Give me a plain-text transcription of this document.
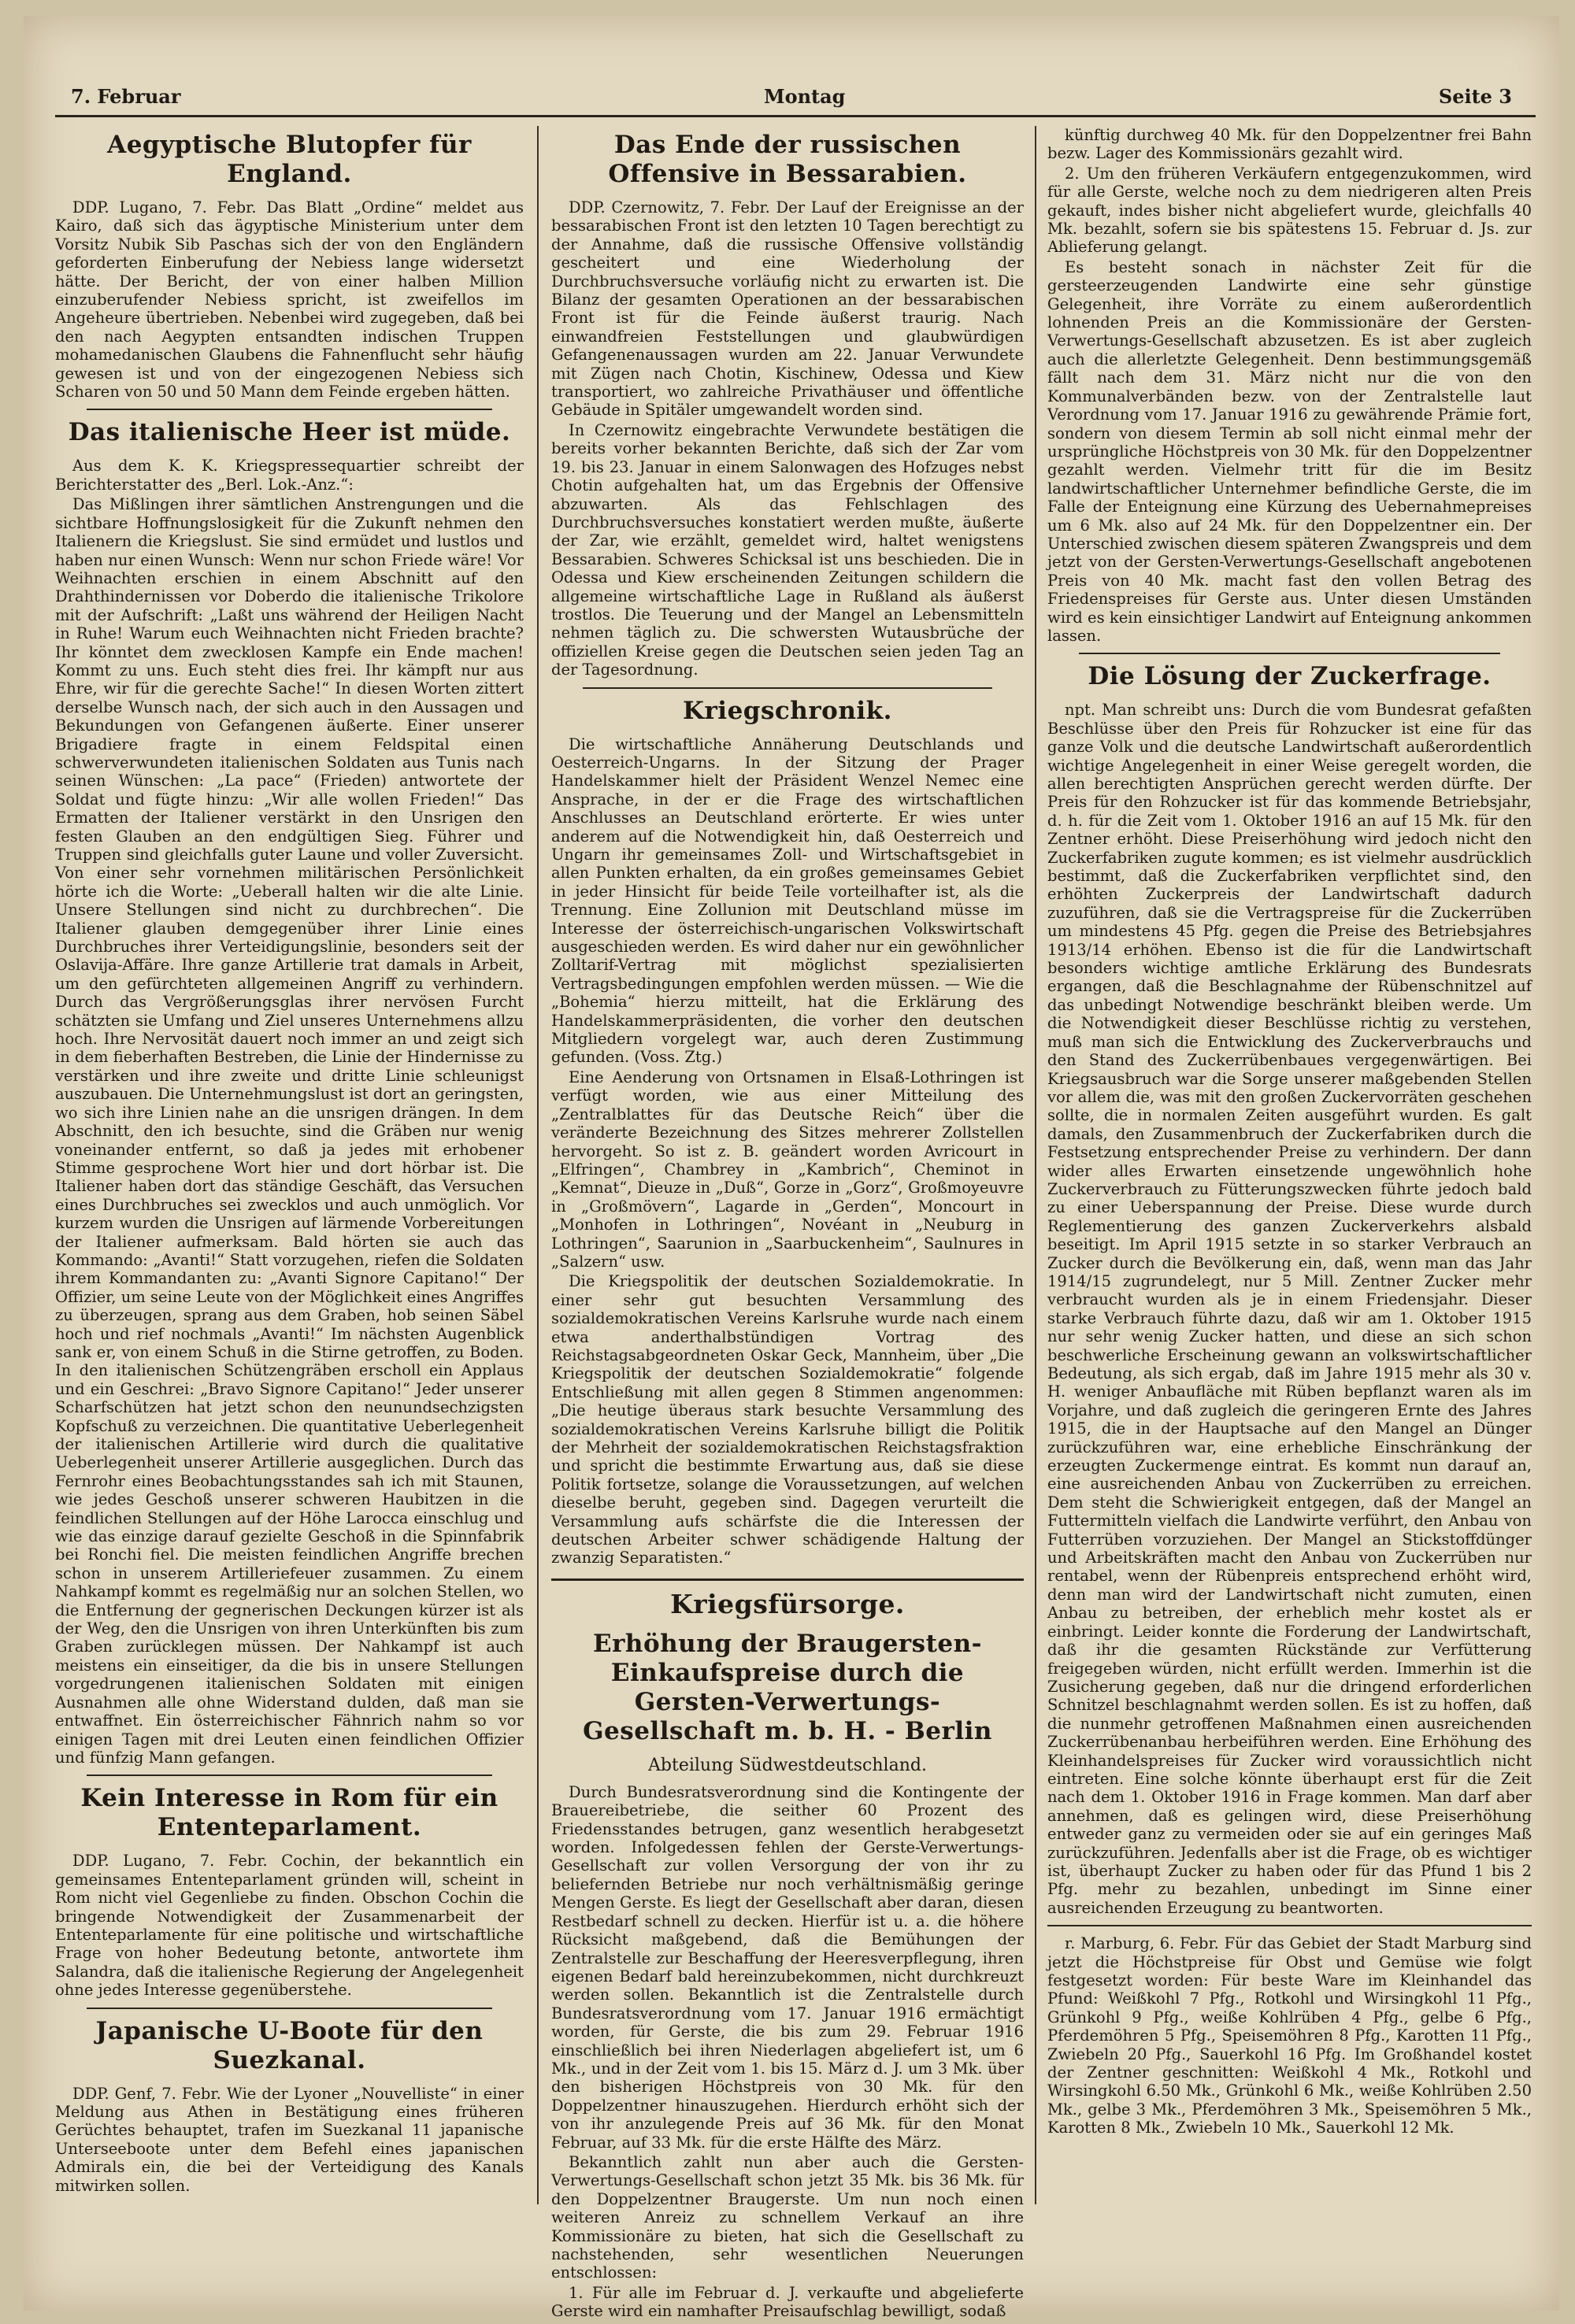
7. Februar	Montag	Seite 3
Aegyptische Blutopfer für England.

DDP. Lugano, 7. Febr. Das Blatt „Ordine“ meldet aus Kairo, daß sich das ägyptische Ministerium unter dem Vorsitz Nubik Sib Paschas sich der von den Engländern geforderten Einberufung der Nebiess lange widersetzt hätte. Der Bericht, der von einer halben Million einzuberufender Nebiess spricht, ist zweifellos im Angeheure übertrieben. Nebenbei wird zugegeben, daß bei den nach Aegypten entsandten indischen Truppen mohamedanischen Glaubens die Fahnenflucht sehr häufig gewesen ist und von der eingezogenen Nebiess sich Scharen von 50 und 50 Mann dem Feinde ergeben hätten.

Das italienische Heer ist müde.

Aus dem K. K. Kriegspressequartier schreibt der Berichterstatter des „Berl. Lok.-Anz.“:

Das Mißlingen ihrer sämtlichen Anstrengungen und die sichtbare Hoffnungslosigkeit für die Zukunft nehmen den Italienern die Kriegslust. Sie sind ermüdet und lustlos und haben nur einen Wunsch: Wenn nur schon Friede wäre! Vor Weihnachten erschien in einem Abschnitt auf den Drahthindernissen vor Doberdo die italienische Trikolore mit der Aufschrift: „Laßt uns während der Heiligen Nacht in Ruhe! Warum euch Weihnachten nicht Frieden brachte? Ihr könntet dem zwecklosen Kampfe ein Ende machen! Kommt zu uns. Euch steht dies frei. Ihr kämpft nur aus Ehre, wir für die gerechte Sache!“ In diesen Worten zittert derselbe Wunsch nach, der sich auch in den Aussagen und Bekundungen von Gefangenen äußerte. Einer unserer Brigadiere fragte in einem Feldspital einen schwerverwundeten italienischen Soldaten aus Tunis nach seinen Wünschen: „La pace“ (Frieden) antwortete der Soldat und fügte hinzu: „Wir alle wollen Frieden!“ Das Ermatten der Italiener verstärkt in den Unsrigen den festen Glauben an den endgültigen Sieg. Führer und Truppen sind gleichfalls guter Laune und voller Zuversicht. Von einer sehr vornehmen militärischen Persönlichkeit hörte ich die Worte: „Ueberall halten wir die alte Linie. Unsere Stellungen sind nicht zu durchbrechen“. Die Italiener glauben demgegenüber ihrer Linie eines Durchbruches ihrer Verteidigungslinie, besonders seit der Oslavija-Affäre. Ihre ganze Artillerie trat damals in Arbeit, um den gefürchteten allgemeinen Angriff zu verhindern. Durch das Vergrößerungsglas ihrer nervösen Furcht schätzten sie Umfang und Ziel unseres Unternehmens allzu hoch. Ihre Nervosität dauert noch immer an und zeigt sich in dem fieberhaften Bestreben, die Linie der Hindernisse zu verstärken und ihre zweite und dritte Linie schleunigst auszubauen. Die Unternehmungslust ist dort an geringsten, wo sich ihre Linien nahe an die unsrigen drängen. In dem Abschnitt, den ich besuchte, sind die Gräben nur wenig voneinander entfernt, so daß ja jedes mit erhobener Stimme gesprochene Wort hier und dort hörbar ist. Die Italiener haben dort das ständige Geschäft, das Versuchen eines Durchbruches sei zwecklos und auch unmöglich. Vor kurzem wurden die Unsrigen auf lärmende Vorbereitungen der Italiener aufmerksam. Bald hörten sie auch das Kommando: „Avanti!“ Statt vorzugehen, riefen die Soldaten ihrem Kommandanten zu: „Avanti Signore Capitano!“ Der Offizier, um seine Leute von der Möglichkeit eines Angriffes zu überzeugen, sprang aus dem Graben, hob seinen Säbel hoch und rief nochmals „Avanti!“ Im nächsten Augenblick sank er, von einem Schuß in die Stirne getroffen, zu Boden. In den italienischen Schützengräben erscholl ein Applaus und ein Geschrei: „Bravo Signore Capitano!“ Jeder unserer Scharfschützen hat jetzt schon den neunundsechzigsten Kopfschuß zu verzeichnen. Die quantitative Ueberlegenheit der italienischen Artillerie wird durch die qualitative Ueberlegenheit unserer Artillerie ausgeglichen. Durch das Fernrohr eines Beobachtungsstandes sah ich mit Staunen, wie jedes Geschoß unserer schweren Haubitzen in die feindlichen Stellungen auf der Höhe Larocca einschlug und wie das einzige darauf gezielte Geschoß in die Spinnfabrik bei Ronchi fiel. Die meisten feindlichen Angriffe brechen schon in unserem Artilleriefeuer zusammen. Zu einem Nahkampf kommt es regelmäßig nur an solchen Stellen, wo die Entfernung der gegnerischen Deckungen kürzer ist als der Weg, den die Unsrigen von ihren Unterkünften bis zum Graben zurücklegen müssen. Der Nahkampf ist auch meistens ein einseitiger, da die bis in unsere Stellungen vorgedrungenen italienischen Soldaten mit einigen Ausnahmen alle ohne Widerstand dulden, daß man sie entwaffnet. Ein österreichischer Fähnrich nahm so vor einigen Tagen mit drei Leuten einen feindlichen Offizier und fünfzig Mann gefangen.

Kein Interesse in Rom für ein Ententeparlament.

DDP. Lugano, 7. Febr. Cochin, der bekanntlich ein gemeinsames Ententeparlament gründen will, scheint in Rom nicht viel Gegenliebe zu finden. Obschon Cochin die bringende Notwendigkeit der Zusammenarbeit der Ententeparlamente für eine politische und wirtschaftliche Frage von hoher Bedeutung betonte, antwortete ihm Salandra, daß die italienische Regierung der Angelegenheit ohne jedes Interesse gegenüberstehe.

Japanische U-Boote für den Suezkanal.

DDP. Genf, 7. Febr. Wie der Lyoner „Nouvelliste“ in einer Meldung aus Athen in Bestätigung eines früheren Gerüchtes behauptet, trafen im Suezkanal 11 japanische Unterseeboote unter dem Befehl eines japanischen Admirals ein, die bei der Verteidigung des Kanals mitwirken sollen.

Das Ende der russischen Offensive in Bessarabien.

DDP. Czernowitz, 7. Febr. Der Lauf der Ereignisse an der bessarabischen Front ist den letzten 10 Tagen berechtigt zu der Annahme, daß die russische Offensive vollständig gescheitert und eine Wiederholung der Durchbruchsversuche vorläufig nicht zu erwarten ist. Die Bilanz der gesamten Operationen an der bessarabischen Front ist für die Feinde äußerst traurig. Nach einwandfreien Feststellungen und glaubwürdigen Gefangenenaussagen wurden am 22. Januar Verwundete mit Zügen nach Chotin, Kischinew, Odessa und Kiew transportiert, wo zahlreiche Privathäuser und öffentliche Gebäude in Spitäler umgewandelt worden sind.

In Czernowitz eingebrachte Verwundete bestätigen die bereits vorher bekannten Berichte, daß sich der Zar vom 19. bis 23. Januar in einem Salonwagen des Hofzuges nebst Chotin aufgehalten hat, um das Ergebnis der Offensive abzuwarten. Als das Fehlschlagen des Durchbruchsversuches konstatiert werden mußte, äußerte der Zar, wie erzählt, gemeldet wird, haltet wenigstens Bessarabien. Schweres Schicksal ist uns beschieden. Die in Odessa und Kiew erscheinenden Zeitungen schildern die allgemeine wirtschaftliche Lage in Rußland als äußerst trostlos. Die Teuerung und der Mangel an Lebensmitteln nehmen täglich zu. Die schwersten Wutausbrüche der offiziellen Kreise gegen die Deutschen seien jeden Tag an der Tagesordnung.

Kriegschronik.

Die wirtschaftliche Annäherung Deutschlands und Oesterreich-Ungarns. In der Sitzung der Prager Handelskammer hielt der Präsident Wenzel Nemec eine Ansprache, in der er die Frage des wirtschaftlichen Anschlusses an Deutschland erörterte. Er wies unter anderem auf die Notwendigkeit hin, daß Oesterreich und Ungarn ihr gemeinsames Zoll- und Wirtschaftsgebiet in allen Punkten erhalten, da ein großes gemeinsames Gebiet in jeder Hinsicht für beide Teile vorteilhafter ist, als die Trennung. Eine Zollunion mit Deutschland müsse im Interesse der österreichisch-ungarischen Volkswirtschaft ausgeschieden werden. Es wird daher nur ein gewöhnlicher Zolltarif-Vertrag mit möglichst spezialisierten Vertragsbedingungen empfohlen werden müssen. — Wie die „Bohemia“ hierzu mitteilt, hat die Erklärung des Handelskammerpräsidenten, die vorher den deutschen Mitgliedern vorgelegt war, auch deren Zustimmung gefunden. (Voss. Ztg.)

Eine Aenderung von Ortsnamen in Elsaß-Lothringen ist verfügt worden, wie aus einer Mitteilung des „Zentralblattes für das Deutsche Reich“ über die veränderte Bezeichnung des Sitzes mehrerer Zollstellen hervorgeht. So ist z. B. geändert worden Avricourt in „Elfringen“, Chambrey in „Kambrich“, Cheminot in „Kemnat“, Dieuze in „Duß“, Gorze in „Gorz“, Großmoyeuvre in „Großmövern“, Lagarde in „Gerden“, Moncourt in „Monhofen in Lothringen“, Novéant in „Neuburg in Lothringen“, Saarunion in „Saarbuckenheim“, Saulnures in „Salzern“ usw.

Die Kriegspolitik der deutschen Sozialdemokratie. In einer sehr gut besuchten Versammlung des sozialdemokratischen Vereins Karlsruhe wurde nach einem etwa anderthalbstündigen Vortrag des Reichstagsabgeordneten Oskar Geck, Mannheim, über „Die Kriegspolitik der deutschen Sozialdemokratie“ folgende Entschließung mit allen gegen 8 Stimmen angenommen: „Die heutige überaus stark besuchte Versammlung des sozialdemokratischen Vereins Karlsruhe billigt die Politik der Mehrheit der sozialdemokratischen Reichstagsfraktion und spricht die bestimmte Erwartung aus, daß sie diese Politik fortsetze, solange die Voraussetzungen, auf welchen dieselbe beruht, gegeben sind. Dagegen verurteilt die Versammlung aufs schärfste die die Interessen der deutschen Arbeiter schwer schädigende Haltung der zwanzig Separatisten.“

Kriegsfürsorge.
Erhöhung der Braugersten-Einkaufspreise durch die Gersten-Verwertungs-Gesellschaft m. b. H. - Berlin
Abteilung Südwestdeutschland.

Durch Bundesratsverordnung sind die Kontingente der Brauereibetriebe, die seither 60 Prozent des Friedensstandes betrugen, ganz wesentlich herabgesetzt worden. Infolgedessen fehlen der Gerste-Verwertungs-Gesellschaft zur vollen Versorgung der von ihr zu beliefernden Betriebe nur noch verhältnismäßig geringe Mengen Gerste. Es liegt der Gesellschaft aber daran, diesen Restbedarf schnell zu decken. Hierfür ist u. a. die höhere Rücksicht maßgebend, daß die Bemühungen der Zentralstelle zur Beschaffung der Heeresverpflegung, ihren eigenen Bedarf bald hereinzubekommen, nicht durchkreuzt werden sollen. Bekanntlich ist die Zentralstelle durch Bundesratsverordnung vom 17. Januar 1916 ermächtigt worden, für Gerste, die bis zum 29. Februar 1916 einschließlich bei ihren Niederlagen abgeliefert ist, um 6 Mk., und in der Zeit vom 1. bis 15. März d. J. um 3 Mk. über den bisherigen Höchstpreis von 30 Mk. für den Doppelzentner hinauszugehen. Hierdurch erhöht sich der von ihr anzulegende Preis auf 36 Mk. für den Monat Februar, auf 33 Mk. für die erste Hälfte des März.

Bekanntlich zahlt nun aber auch die Gersten-Verwertungs-Gesellschaft schon jetzt 35 Mk. bis 36 Mk. für den Doppelzentner Braugerste. Um nun noch einen weiteren Anreiz zu schnellem Verkauf an ihre Kommissionäre zu bieten, hat sich die Gesellschaft zu nachstehenden, sehr wesentlichen Neuerungen entschlossen:

1. Für alle im Februar d. J. verkaufte und abgelieferte Gerste wird ein namhafter Preisaufschlag bewilligt, sodaß

künftig durchweg 40 Mk. für den Doppelzentner frei Bahn bezw. Lager des Kommissionärs gezahlt wird.

2. Um den früheren Verkäufern entgegenzukommen, wird für alle Gerste, welche noch zu dem niedrigeren alten Preis gekauft, indes bisher nicht abgeliefert wurde, gleichfalls 40 Mk. bezahlt, sofern sie bis spätestens 15. Februar d. Js. zur Ablieferung gelangt.

Es besteht sonach in nächster Zeit für die gersteerzeugenden Landwirte eine sehr günstige Gelegenheit, ihre Vorräte zu einem außerordentlich lohnenden Preis an die Kommissionäre der Gersten-Verwertungs-Gesellschaft abzusetzen. Es ist aber zugleich auch die allerletzte Gelegenheit. Denn bestimmungsgemäß fällt nach dem 31. März nicht nur die von den Kommunalverbänden bezw. von der Zentralstelle laut Verordnung vom 17. Januar 1916 zu gewährende Prämie fort, sondern von diesem Termin ab soll nicht einmal mehr der ursprüngliche Höchstpreis von 30 Mk. für den Doppelzentner gezahlt werden. Vielmehr tritt für die im Besitz landwirtschaftlicher Unternehmer befindliche Gerste, die im Falle der Enteignung eine Kürzung des Uebernahmepreises um 6 Mk. also auf 24 Mk. für den Doppelzentner ein. Der Unterschied zwischen diesem späteren Zwangspreis und dem jetzt von der Gersten-Verwertungs-Gesellschaft angebotenen Preis von 40 Mk. macht fast den vollen Betrag des Friedenspreises für Gerste aus. Unter diesen Umständen wird es kein einsichtiger Landwirt auf Enteignung ankommen lassen.

Die Lösung der Zuckerfrage.

npt. Man schreibt uns: Durch die vom Bundesrat gefaßten Beschlüsse über den Preis für Rohzucker ist eine für das ganze Volk und die deutsche Landwirtschaft außerordentlich wichtige Angelegenheit in einer Weise geregelt worden, die allen berechtigten Ansprüchen gerecht werden dürfte. Der Preis für den Rohzucker ist für das kommende Betriebsjahr, d. h. für die Zeit vom 1. Oktober 1916 an auf 15 Mk. für den Zentner erhöht. Diese Preiserhöhung wird jedoch nicht den Zuckerfabriken zugute kommen; es ist vielmehr ausdrücklich bestimmt, daß die Zuckerfabriken verpflichtet sind, den erhöhten Zuckerpreis der Landwirtschaft dadurch zuzuführen, daß sie die Vertragspreise für die Zuckerrüben um mindestens 45 Pfg. gegen die Preise des Betriebsjahres 1913/14 erhöhen. Ebenso ist die für die Landwirtschaft besonders wichtige amtliche Erklärung des Bundesrats ergangen, daß die Beschlagnahme der Rübenschnitzel auf das unbedingt Notwendige beschränkt bleiben werde. Um die Notwendigkeit dieser Beschlüsse richtig zu verstehen, muß man sich die Entwicklung des Zuckerverbrauchs und den Stand des Zuckerrübenbaues vergegenwärtigen. Bei Kriegsausbruch war die Sorge unserer maßgebenden Stellen vor allem die, was mit den großen Zuckervorräten geschehen sollte, die in normalen Zeiten ausgeführt wurden. Es galt damals, den Zusammenbruch der Zuckerfabriken durch die Festsetzung entsprechender Preise zu verhindern. Der dann wider alles Erwarten einsetzende ungewöhnlich hohe Zuckerverbrauch zu Fütterungszwecken führte jedoch bald zu einer Ueberspannung der Preise. Diese wurde durch Reglementierung des ganzen Zuckerverkehrs alsbald beseitigt. Im April 1915 setzte in so starker Verbrauch an Zucker durch die Bevölkerung ein, daß, wenn man das Jahr 1914/15 zugrundelegt, nur 5 Mill. Zentner Zucker mehr verbraucht wurden als je in einem Friedensjahr. Dieser starke Verbrauch führte dazu, daß wir am 1. Oktober 1915 nur sehr wenig Zucker hatten, und diese an sich schon beschwerliche Erscheinung gewann an volkswirtschaftlicher Bedeutung, als sich ergab, daß im Jahre 1915 mehr als 30 v. H. weniger Anbaufläche mit Rüben bepflanzt waren als im Vorjahre, und daß zugleich die geringeren Ernte des Jahres 1915, die in der Hauptsache auf den Mangel an Dünger zurückzuführen war, eine erhebliche Einschränkung der erzeugten Zuckermenge eintrat. Es kommt nun darauf an, eine ausreichenden Anbau von Zuckerrüben zu erreichen. Dem steht die Schwierigkeit entgegen, daß der Mangel an Futtermitteln vielfach die Landwirte verführt, den Anbau von Futterrüben vorzuziehen. Der Mangel an Stickstoffdünger und Arbeitskräften macht den Anbau von Zuckerrüben nur rentabel, wenn der Rübenpreis entsprechend erhöht wird, denn man wird der Landwirtschaft nicht zumuten, einen Anbau zu betreiben, der erheblich mehr kostet als er einbringt. Leider konnte die Forderung der Landwirtschaft, daß ihr die gesamten Rückstände zur Verfütterung freigegeben würden, nicht erfüllt werden. Immerhin ist die Zusicherung gegeben, daß nur die dringend erforderlichen Schnitzel beschlagnahmt werden sollen. Es ist zu hoffen, daß die nunmehr getroffenen Maßnahmen einen ausreichenden Zuckerrübenanbau herbeiführen werden. Eine Erhöhung des Kleinhandelspreises für Zucker wird voraussichtlich nicht eintreten. Eine solche könnte überhaupt erst für die Zeit nach dem 1. Oktober 1916 in Frage kommen. Man darf aber annehmen, daß es gelingen wird, diese Preiserhöhung entweder ganz zu vermeiden oder sie auf ein geringes Maß zurückzuführen. Jedenfalls aber ist die Frage, ob es wichtiger ist, überhaupt Zucker zu haben oder für das Pfund 1 bis 2 Pfg. mehr zu bezahlen, unbedingt im Sinne einer ausreichenden Erzeugung zu beantworten.

r. Marburg, 6. Febr. Für das Gebiet der Stadt Marburg sind jetzt die Höchstpreise für Obst und Gemüse wie folgt festgesetzt worden: Für beste Ware im Kleinhandel das Pfund: Weißkohl 7 Pfg., Rotkohl und Wirsingkohl 11 Pfg., Grünkohl 9 Pfg., weiße Kohlrüben 4 Pfg., gelbe 6 Pfg., Pferdemöhren 5 Pfg., Speisemöhren 8 Pfg., Karotten 11 Pfg., Zwiebeln 20 Pfg., Sauerkohl 16 Pfg. Im Großhandel kostet der Zentner geschnitten: Weißkohl 4 Mk., Rotkohl und Wirsingkohl 6.50 Mk., Grünkohl 6 Mk., weiße Kohlrüben 2.50 Mk., gelbe 3 Mk., Pferdemöhren 3 Mk., Speisemöhren 5 Mk., Karotten 8 Mk., Zwiebeln 10 Mk., Sauerkohl 12 Mk.
